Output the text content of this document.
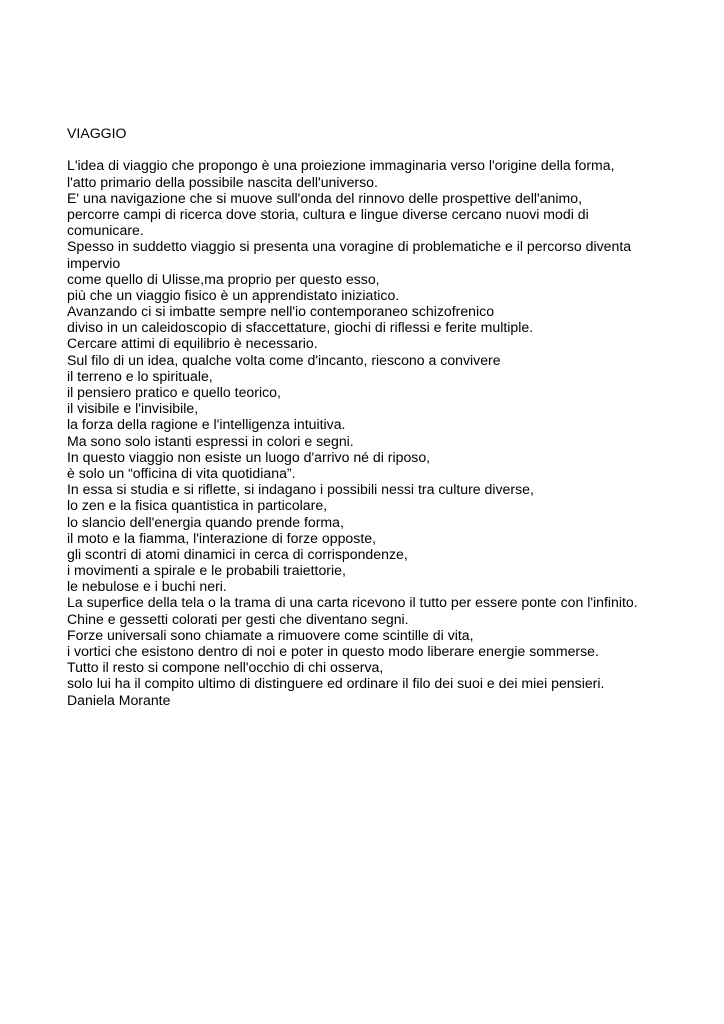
VIAGGIO
L'idea di viaggio che propongo è una proiezione immaginaria verso l'origine della forma,
l'atto primario della possibile nascita dell'universo.
E' una navigazione che si muove sull'onda del rinnovo delle prospettive dell'animo,
percorre campi di ricerca dove storia, cultura e lingue diverse cercano nuovi modi di
comunicare.
Spesso in suddetto viaggio si presenta una voragine di problematiche e il percorso diventa
impervio
come quello di Ulisse,ma proprio per questo esso,
più che un viaggio fisico è un apprendistato iniziatico.
Avanzando ci si imbatte sempre nell'io contemporaneo schizofrenico
diviso in un caleidoscopio di sfaccettature, giochi di riflessi e ferite multiple.
Cercare attimi di equilibrio è necessario.
Sul filo di un idea, qualche volta come d'incanto, riescono a convivere
il terreno e lo spirituale,
il pensiero pratico e quello teorico,
il visibile e l'invisibile,
la forza della ragione e l'intelligenza intuitiva.
Ma sono solo istanti espressi in colori e segni.
In questo viaggio non esiste un luogo d'arrivo né di riposo,
è solo un “officina di vita quotidiana”.
In essa si studia e si riflette, si indagano i possibili nessi tra culture diverse,
lo zen e la fisica quantistica in particolare,
lo slancio dell'energia quando prende forma,
il moto e la fiamma, l'interazione di forze opposte,
gli scontri di atomi dinamici in cerca di corrispondenze,
i movimenti a spirale e le probabili traiettorie,
le nebulose e i buchi neri.
La superfice della tela o la trama di una carta ricevono il tutto per essere ponte con l'infinito.
Chine e gessetti colorati per gesti che diventano segni.
Forze universali sono chiamate a rimuovere come scintille di vita,
i vortici che esistono dentro di noi e poter in questo modo liberare energie sommerse.
Tutto il resto si compone nell'occhio di chi osserva,
solo lui ha il compito ultimo di distinguere ed ordinare il filo dei suoi e dei miei pensieri.
Daniela Morante
